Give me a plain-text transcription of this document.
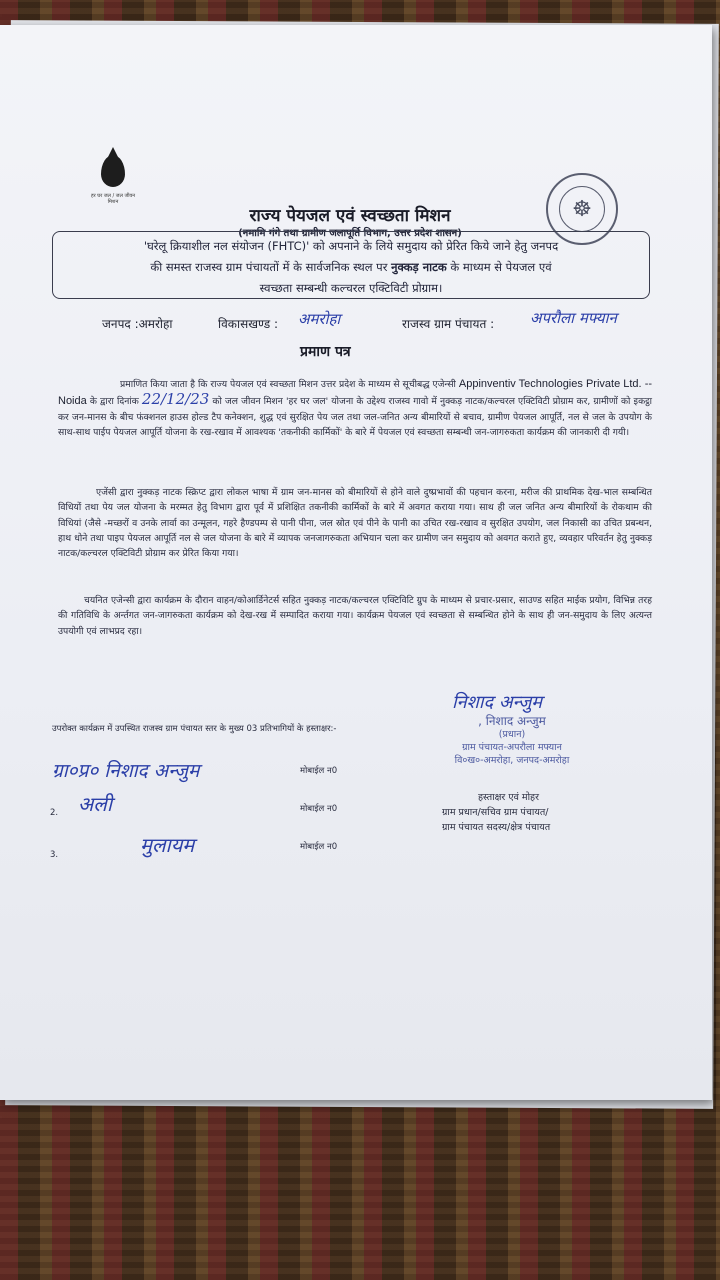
हर घर जल / जल जीवन मिशन
राज्य पेयजल एवं स्वच्छता मिशन
(नमामि गंगे तथा ग्रामीण जलापूर्ति विभाग, उत्तर प्रदेश शासन)
☸
'घरेलू क्रियाशील नल संयोजन (FHTC)' को अपनाने के लिये समुदाय को प्रेरित किये जाने हेतु जनपद
की समस्त राजस्व ग्राम पंचायतों में के सार्वजनिक स्थल पर नुक्कड़ नाटक के माध्यम से पेयजल एवं
स्वच्छता सम्बन्धी कल्चरल एक्टिविटी प्रोग्राम।
जनपद :अमरोहा	विकासखण्ड : अमरोहा	राजस्व ग्राम पंचायत : अपरौला मफ्यान
प्रमाण पत्र
प्रमाणित किया जाता है कि राज्य पेयजल एवं स्वच्छता मिशन उत्तर प्रदेश के माध्यम से सूचीबद्ध एजेन्सी Appinventiv Technologies Private Ltd. -- Noida के द्वारा दिनांक 22/12/23 को जल जीवन मिशन 'हर घर जल' योजना के उद्देश्य राजस्व गावो में नुक्कड़ नाटक/कल्चरल एक्टिविटी प्रोग्राम कर, ग्रामीणों को इकट्ठा कर जन-मानस के बीच फंक्शनल हाउस होल्ड टैप कनेक्शन, शुद्ध एवं सुरक्षित पेय जल तथा जल-जनित अन्य बीमारियों से बचाव, ग्रामीण पेयजल आपूर्ति, नल से जल के उपयोग के साथ-साथ पाईप पेयजल आपूर्ति योजना के रख-रखाव में आवश्यक 'तकनीकी कार्मिकों' के बारे में पेयजल एवं स्वच्छता सम्बन्धी जन-जागरुकता कार्यक्रम की जानकारी दी गयी।
एजेंसी द्वारा नुक्कड़ नाटक स्क्रिप्ट द्वारा लोकल भाषा में ग्राम जन-मानस को बीमारियों से होने वाले दुष्प्रभावों की पहचान करना, मरीज की प्राथमिक देख-भाल सम्बन्धित विधियों तथा पेय जल योजना के मरम्मत हेतु विभाग द्वारा पूर्व में प्रशिक्षित तकनीकी कार्मिकों के बारे में अवगत कराया गया। साथ ही जल जनित अन्य बीमारियों के रोकथाम की विधियां (जैसे -मच्छरों व उनके लार्वा का उन्मूलन, गहरे हैण्डपम्प से पानी पीना, जल स्रोत एवं पीने के पानी का उचित रख-रखाव व सुरक्षित उपयोग, जल निकासी का उचित प्रबन्धन, हाथ धोने तथा पाइप पेयजल आपूर्ति नल से जल योजना के बारे में व्यापक जनजागरुकता अभियान चला कर ग्रामीण जन समुदाय को अवगत कराते हुए, व्यवहार परिवर्तन हेतु नुक्कड़ नाटक/कल्चरल एक्टिविटी प्रोग्राम कर प्रेरित किया गया।
चयनित एजेन्सी द्वारा कार्यक्रम के दौरान वाहन/कोआर्डिनेटर्स सहित नुक्कड़ नाटक/कल्चरल एक्टिविटि ग्रुप के माध्यम से प्रचार-प्रसार, साउण्ड सहित माईक प्रयोग, विभिन्न तरह की गतिविधि के अर्न्तगत जन-जागरुकता कार्यक्रम को देख-रख में सम्पादित कराया गया। कार्यक्रम पेयजल एवं स्वच्छता से सम्बन्धित होने के साथ ही जन-समुदाय के लिए अत्यन्त उपयोगी एवं लाभप्रद रहा।
उपरोक्त कार्यक्रम में उपस्थित राजस्व ग्राम पंचायत स्तर के मुख्य 03 प्रतिभागियों के हस्ताक्षर:-
ग्रा०प्र० निशाद अन्जुम	मोबाईल न0
2. अली	मोबाईल न0
3.	मुलायम	मोबाईल न0
निशाद अन्जुम
, निशाद अन्जुम
(प्रधान)
ग्राम पंचायत-अपरौला मफ्यान
वि०ख०-अमरोहा, जनपद-अमरोहा
हस्ताक्षर एवं मोहर
ग्राम प्रधान/सचिव ग्राम पंचायत/
ग्राम पंचायत सदस्य/क्षेत्र पंचायत
